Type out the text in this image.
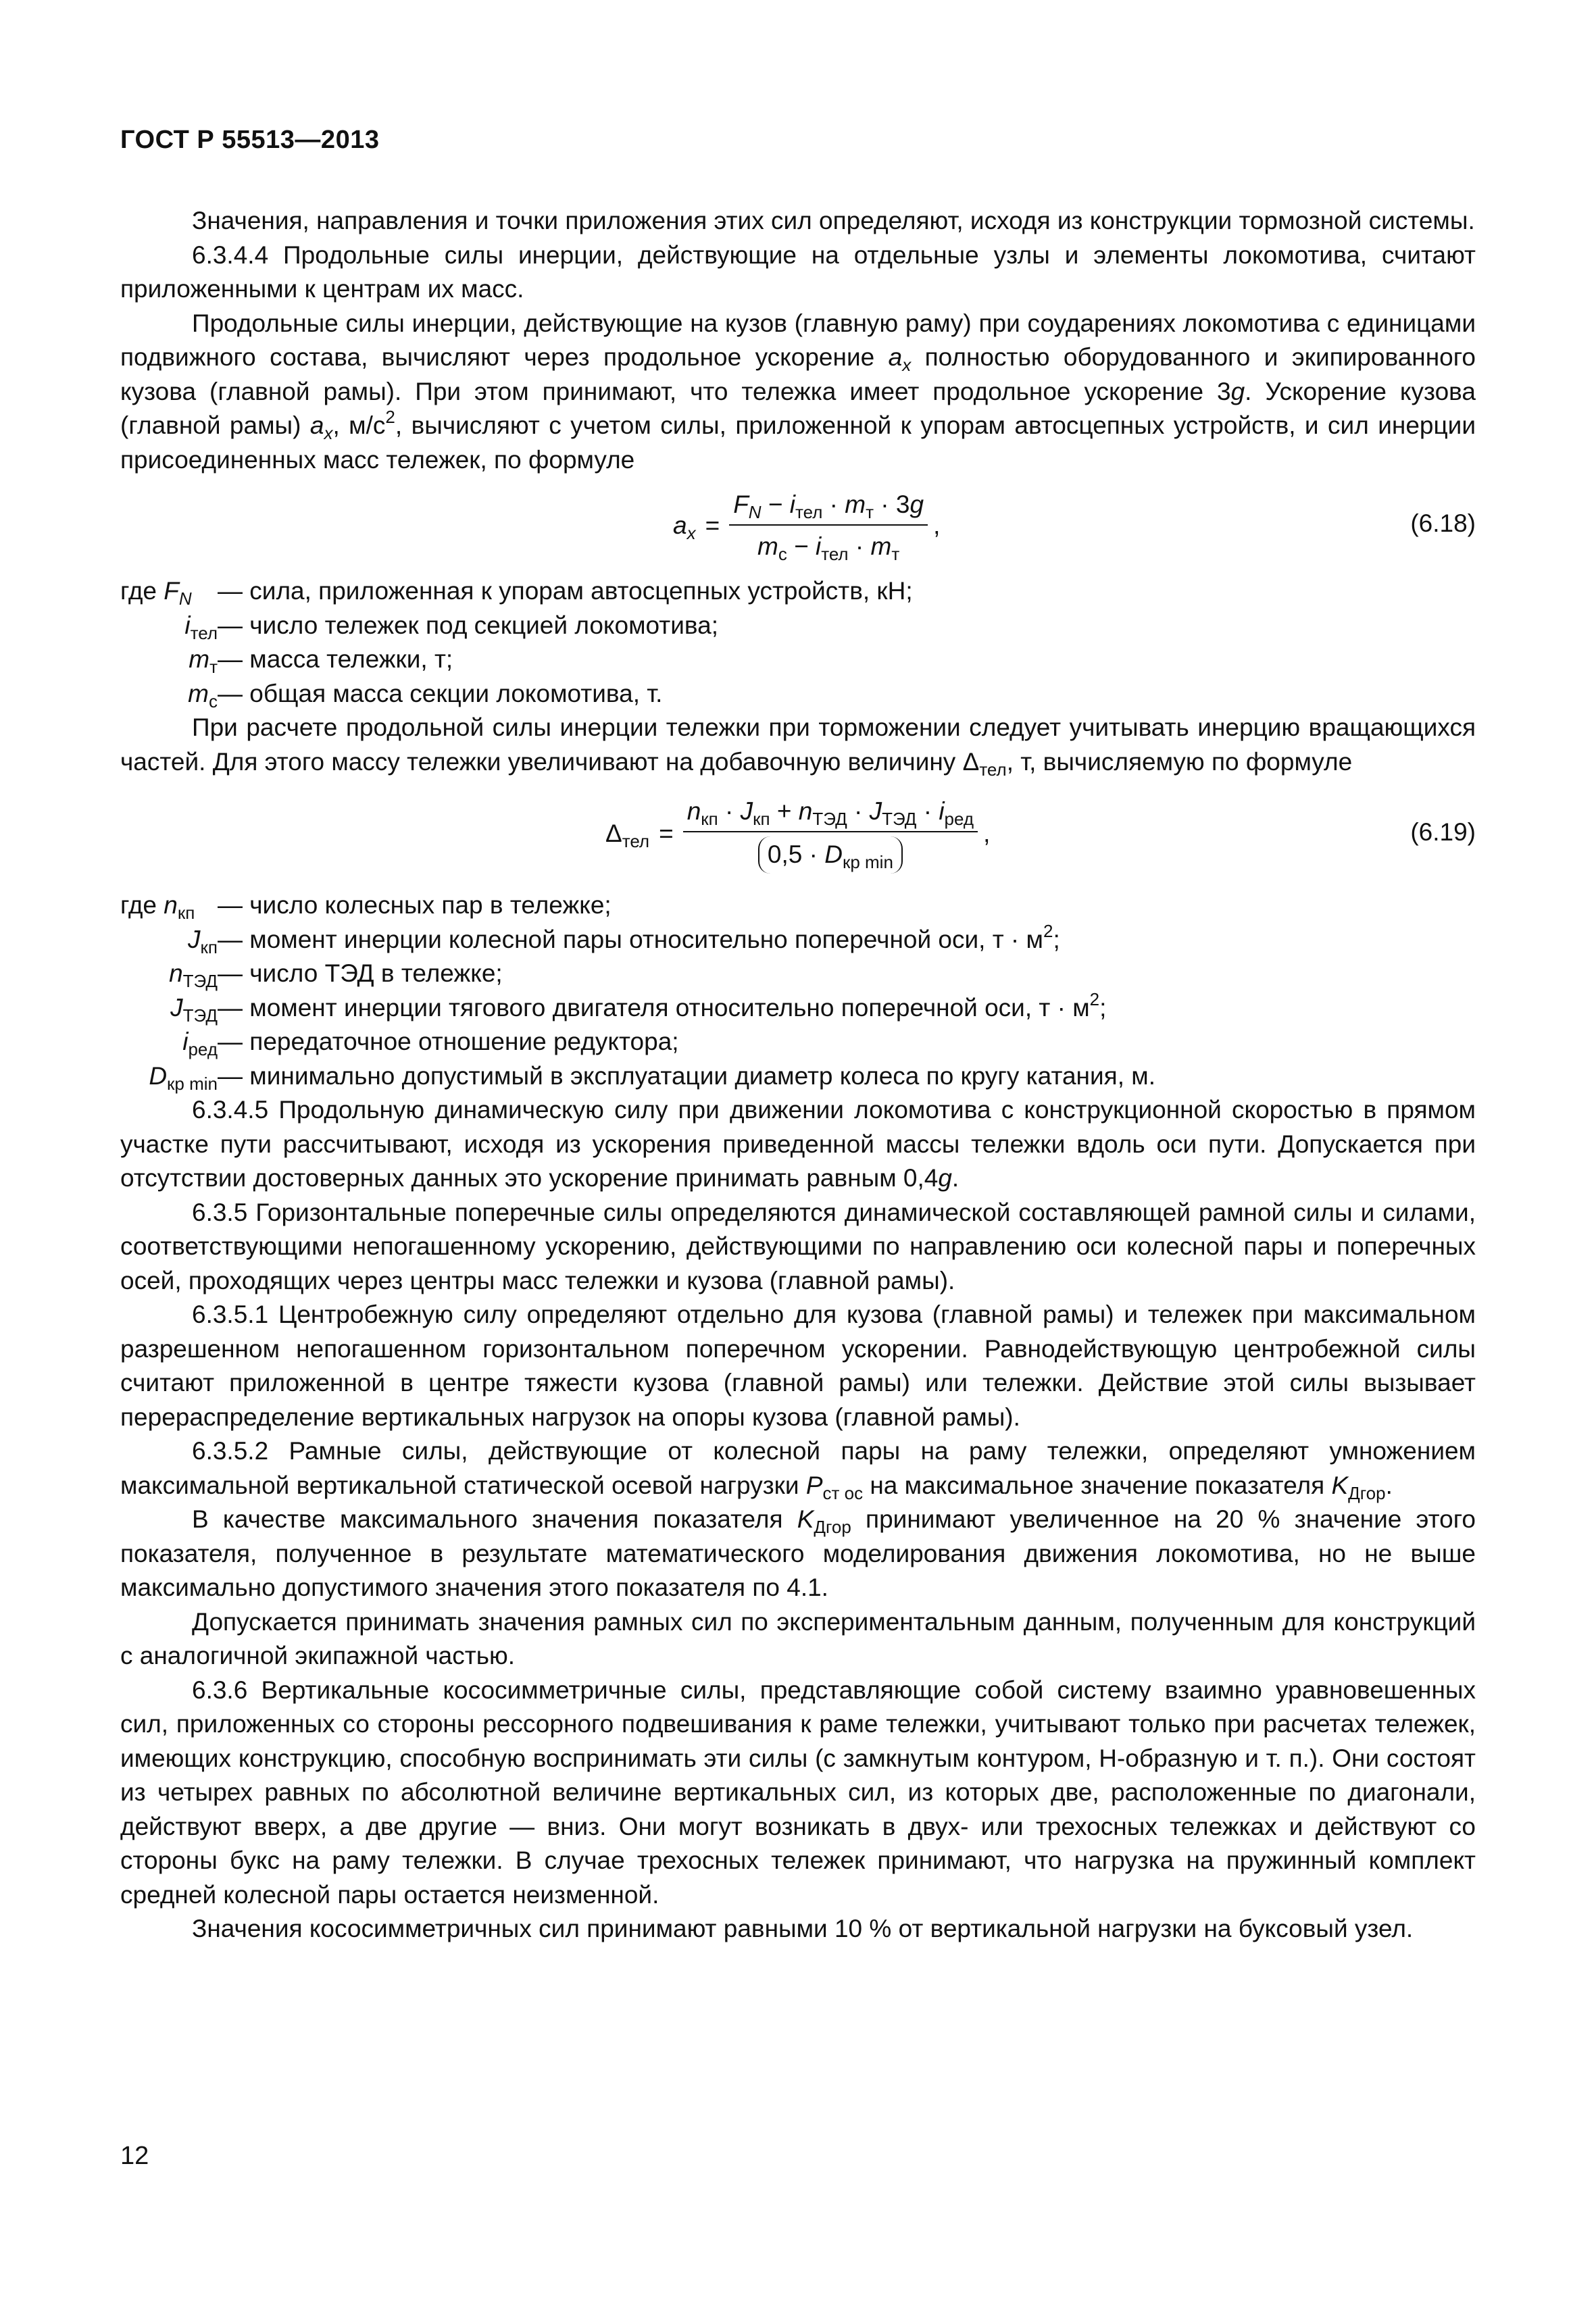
ГОСТ Р 55513—2013

Значения, направления и точки приложения этих сил определяют, исходя из конструкции тормозной системы.

6.3.4.4 Продольные силы инерции, действующие на отдельные узлы и элементы локомотива, считают приложенными к центрам их масс.

Продольные силы инерции, действующие на кузов (главную раму) при соударениях локомотива с единицами подвижного состава, вычисляют через продольное ускорение $a_x$ полностью оборудованного и экипированного кузова (главной рамы). При этом принимают, что тележка имеет продольное ускорение 3g. Ускорение кузова (главной рамы) $a_x$, $м/с^2$, вычисляют с учетом силы, приложенной к упорам автосцепных устройств, и сил инерции присоединенных масс тележек, по формуле

$a_x = \frac{F_N - i_{тел} \cdot m_т \cdot 3g}{m_с - i_{тел} \cdot m_т}$ ,	(6.18)
где $F_N$	— сила, приложенная к упорам автосцепных устройств, кН;
$i_{тел}$ — число тележек под секцией локомотива;
$m_т$ — масса тележки, т;
$m_с$ — общая масса секции локомотива, т.

При расчете продольной силы инерции тележки при торможении следует учитывать инерцию вращающихся частей. Для этого массу тележки увеличивают на добавочную величину $\Delta_{тел}$, т, вычисляемую по формуле

$\Delta_{тел} = \frac{n_{кп} \cdot J_{кп} + n_{ТЭД} \cdot J_{ТЭД} \cdot i_{ред}}{0,5 \cdot D_{кр min}}$ ,	(6.19)
где $n_{кп}$ — число колесных пар в тележке;
$J_{кп}$ — момент инерции колесной пары относительно поперечной оси, $т \cdot м^2$;
$n_{ТЭД}$ — число ТЭД в тележке;
$J_{ТЭД}$ — момент инерции тягового двигателя относительно поперечной оси, $т \cdot м^2$;
$i_{ред}$ — передаточное отношение редуктора;
$D_{кр min}$ — минимально допустимый в эксплуатации диаметр колеса по кругу катания, м.

6.3.4.5 Продольную динамическую силу при движении локомотива с конструкционной скоростью в прямом участке пути рассчитывают, исходя из ускорения приведенной массы тележки вдоль оси пути. Допускается при отсутствии достоверных данных это ускорение принимать равным 0,4g.

6.3.5 Горизонтальные поперечные силы определяются динамической составляющей рамной силы и силами, соответствующими непогашенному ускорению, действующими по направлению оси колесной пары и поперечных осей, проходящих через центры масс тележки и кузова (главной рамы).

6.3.5.1 Центробежную силу определяют отдельно для кузова (главной рамы) и тележек при максимальном разрешенном непогашенном горизонтальном поперечном ускорении. Равнодействующую центробежной силы считают приложенной в центре тяжести кузова (главной рамы) или тележки. Действие этой силы вызывает перераспределение вертикальных нагрузок на опоры кузова (главной рамы).

6.3.5.2 Рамные силы, действующие от колесной пары на раму тележки, определяют умножением максимальной вертикальной статической осевой нагрузки $P_{ст ос}$ на максимальное значение показателя $K_{Дгор}$.

В качестве максимального значения показателя $K_{Дгор}$ принимают увеличенное на 20 % значение этого показателя, полученное в результате математического моделирования движения локомотива, но не выше максимально допустимого значения этого показателя по 4.1.

Допускается принимать значения рамных сил по экспериментальным данным, полученным для конструкций с аналогичной экипажной частью.

6.3.6 Вертикальные кососимметричные силы, представляющие собой систему взаимно уравновешенных сил, приложенных со стороны рессорного подвешивания к раме тележки, учитывают только при расчетах тележек, имеющих конструкцию, способную воспринимать эти силы (с замкнутым контуром, Н-образную и т. п.). Они состоят из четырех равных по абсолютной величине вертикальных сил, из которых две, расположенные по диагонали, действуют вверх, а две другие — вниз. Они могут возникать в двух- или трехосных тележках и действуют со стороны букс на раму тележки. В случае трехосных тележек принимают, что нагрузка на пружинный комплект средней колесной пары остается неизменной.

Значения кососимметричных сил принимают равными 10 % от вертикальной нагрузки на буксовый узел.

12
